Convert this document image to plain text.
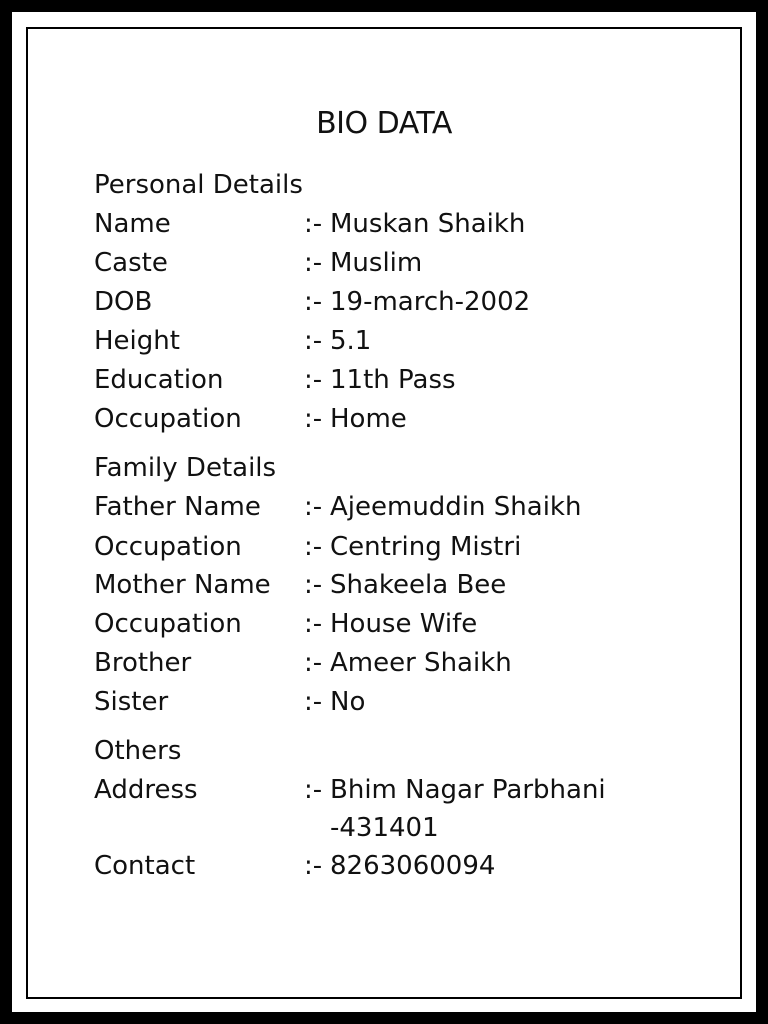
BIO DATA
Personal Details
Name	:- Muskan Shaikh
Caste	:- Muslim
DOB	:- 19-march-2002
Height	:- 5.1
Education	:- 11th Pass
Occupation :- Home
Family Details
Father Name :- Ajeemuddin Shaikh
Occupation :- Centring Mistri
Mother Name :- Shakeela Bee
Occupation :- House Wife
Brother	:- Ameer Shaikh
Sister	:- No
Others
Address	:- Bhim Nagar Parbhani
-431401
Contact	:- 8263060094
